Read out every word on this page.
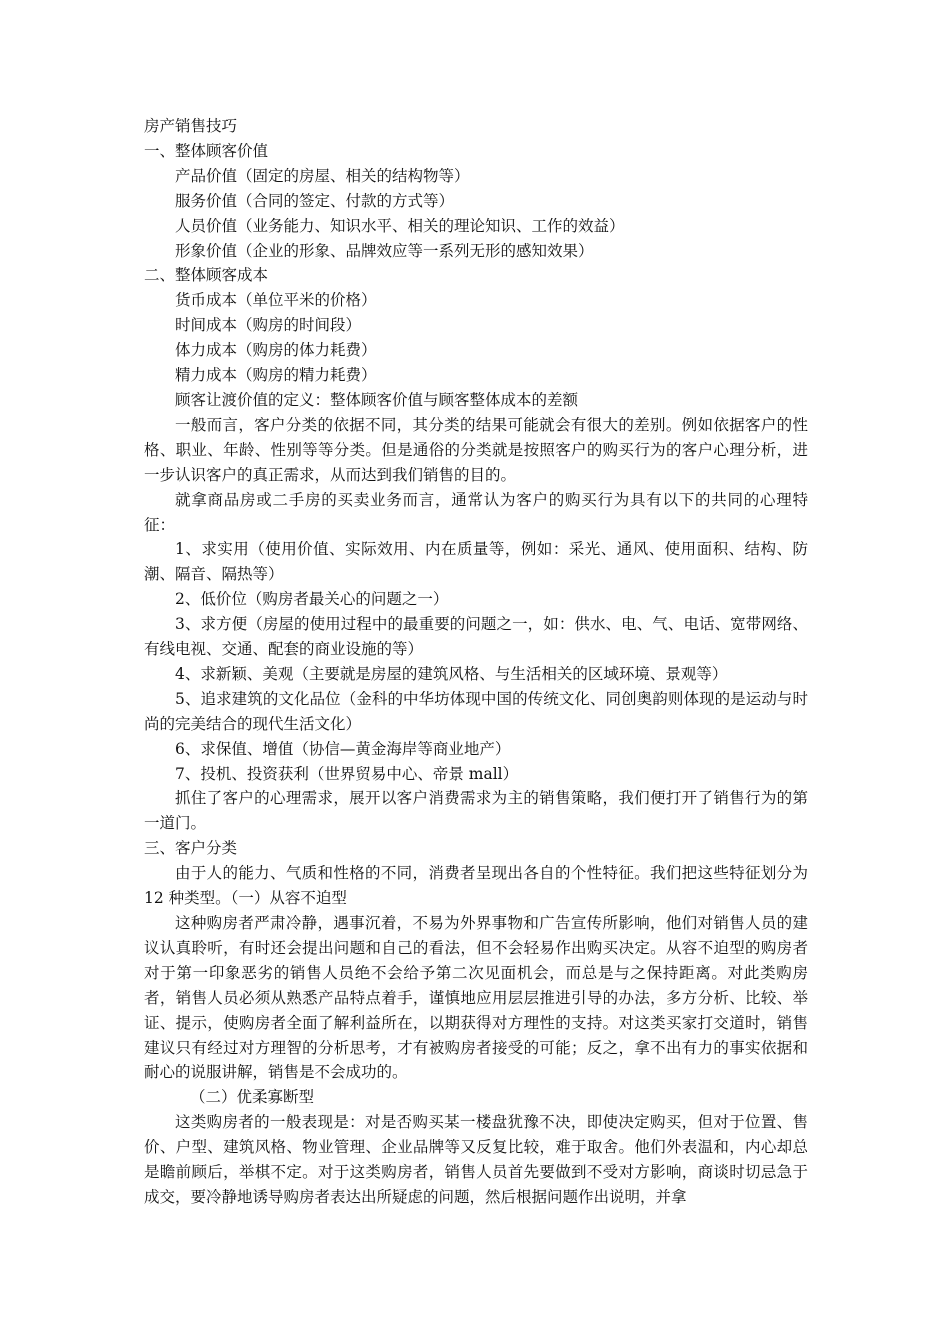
房产销售技巧

一、整体顾客价值

产品价值（固定的房屋、相关的结构物等）

服务价值（合同的签定、付款的方式等）

人员价值（业务能力、知识水平、相关的理论知识、工作的效益）

形象价值（企业的形象、品牌效应等一系列无形的感知效果）

二、整体顾客成本

货币成本（单位平米的价格）

时间成本（购房的时间段）

体力成本（购房的体力耗费）

精力成本（购房的精力耗费）

顾客让渡价值的定义：整体顾客价值与顾客整体成本的差额

一般而言，客户分类的依据不同，其分类的结果可能就会有很大的差别。例如依据客户的性格、职业、年龄、性别等等分类。但是通俗的分类就是按照客户的购买行为的客户心理分析，进一步认识客户的真正需求，从而达到我们销售的目的。

就拿商品房或二手房的买卖业务而言，通常认为客户的购买行为具有以下的共同的心理特征：

1、求实用（使用价值、实际效用、内在质量等，例如：采光、通风、使用面积、结构、防潮、隔音、隔热等）

2、低价位（购房者最关心的问题之一）

3、求方便（房屋的使用过程中的最重要的问题之一，如：供水、电、气、电话、宽带网络、有线电视、交通、配套的商业设施的等）

4、求新颖、美观（主要就是房屋的建筑风格、与生活相关的区域环境、景观等）

5、追求建筑的文化品位（金科的中华坊体现中国的传统文化、同创奥韵则体现的是运动与时尚的完美结合的现代生活文化）

6、求保值、增值（协信—黄金海岸等商业地产）

7、投机、投资获利（世界贸易中心、帝景 mall）

抓住了客户的心理需求，展开以客户消费需求为主的销售策略，我们便打开了销售行为的第一道门。

三、客户分类

由于人的能力、气质和性格的不同，消费者呈现出各自的个性特征。我们把这些特征划分为 12 种类型。（一）从容不迫型

这种购房者严肃冷静，遇事沉着，不易为外界事物和广告宣传所影响，他们对销售人员的建议认真聆听，有时还会提出问题和自己的看法，但不会轻易作出购买决定。从容不迫型的购房者对于第一印象恶劣的销售人员绝不会给予第二次见面机会，而总是与之保持距离。对此类购房者，销售人员必须从熟悉产品特点着手，谨慎地应用层层推进引导的办法，多方分析、比较、举证、提示，使购房者全面了解利益所在，以期获得对方理性的支持。对这类买家打交道时，销售建议只有经过对方理智的分析思考，才有被购房者接受的可能；反之，拿不出有力的事实依据和耐心的说服讲解，销售是不会成功的。

（二）优柔寡断型

这类购房者的一般表现是：对是否购买某一楼盘犹豫不决，即使决定购买，但对于位置、售价、户型、建筑风格、物业管理、企业品牌等又反复比较，难于取舍。他们外表温和，内心却总是瞻前顾后，举棋不定。对于这类购房者，销售人员首先要做到不受对方影响，商谈时切忌急于成交，要冷静地诱导购房者表达出所疑虑的问题，然后根据问题作出说明，并拿
